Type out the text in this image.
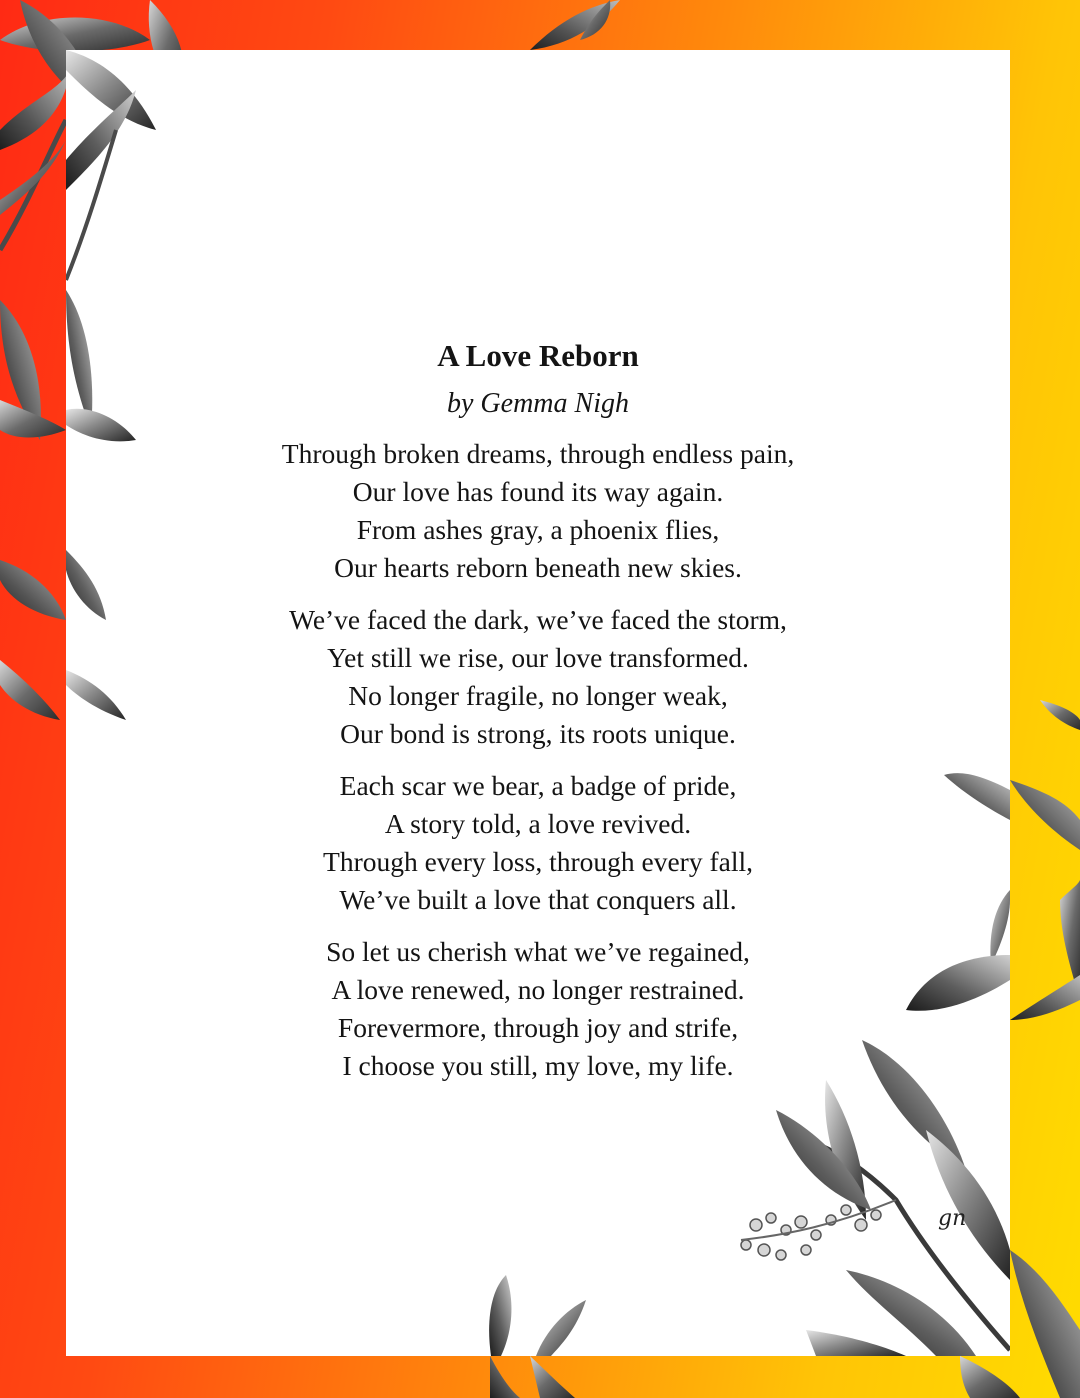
A Love Reborn
by Gemma Nigh
Through broken dreams, through endless pain,
Our love has found its way again.
From ashes gray, a phoenix flies,
Our hearts reborn beneath new skies.
We’ve faced the dark, we’ve faced the storm,
Yet still we rise, our love transformed.
No longer fragile, no longer weak,
Our bond is strong, its roots unique.
Each scar we bear, a badge of pride,
A story told, a love revived.
Through every loss, through every fall,
We’ve built a love that conquers all.
So let us cherish what we’ve regained,
A love renewed, no longer restrained.
Forevermore, through joy and strife,
I choose you still, my love, my life.
gn
